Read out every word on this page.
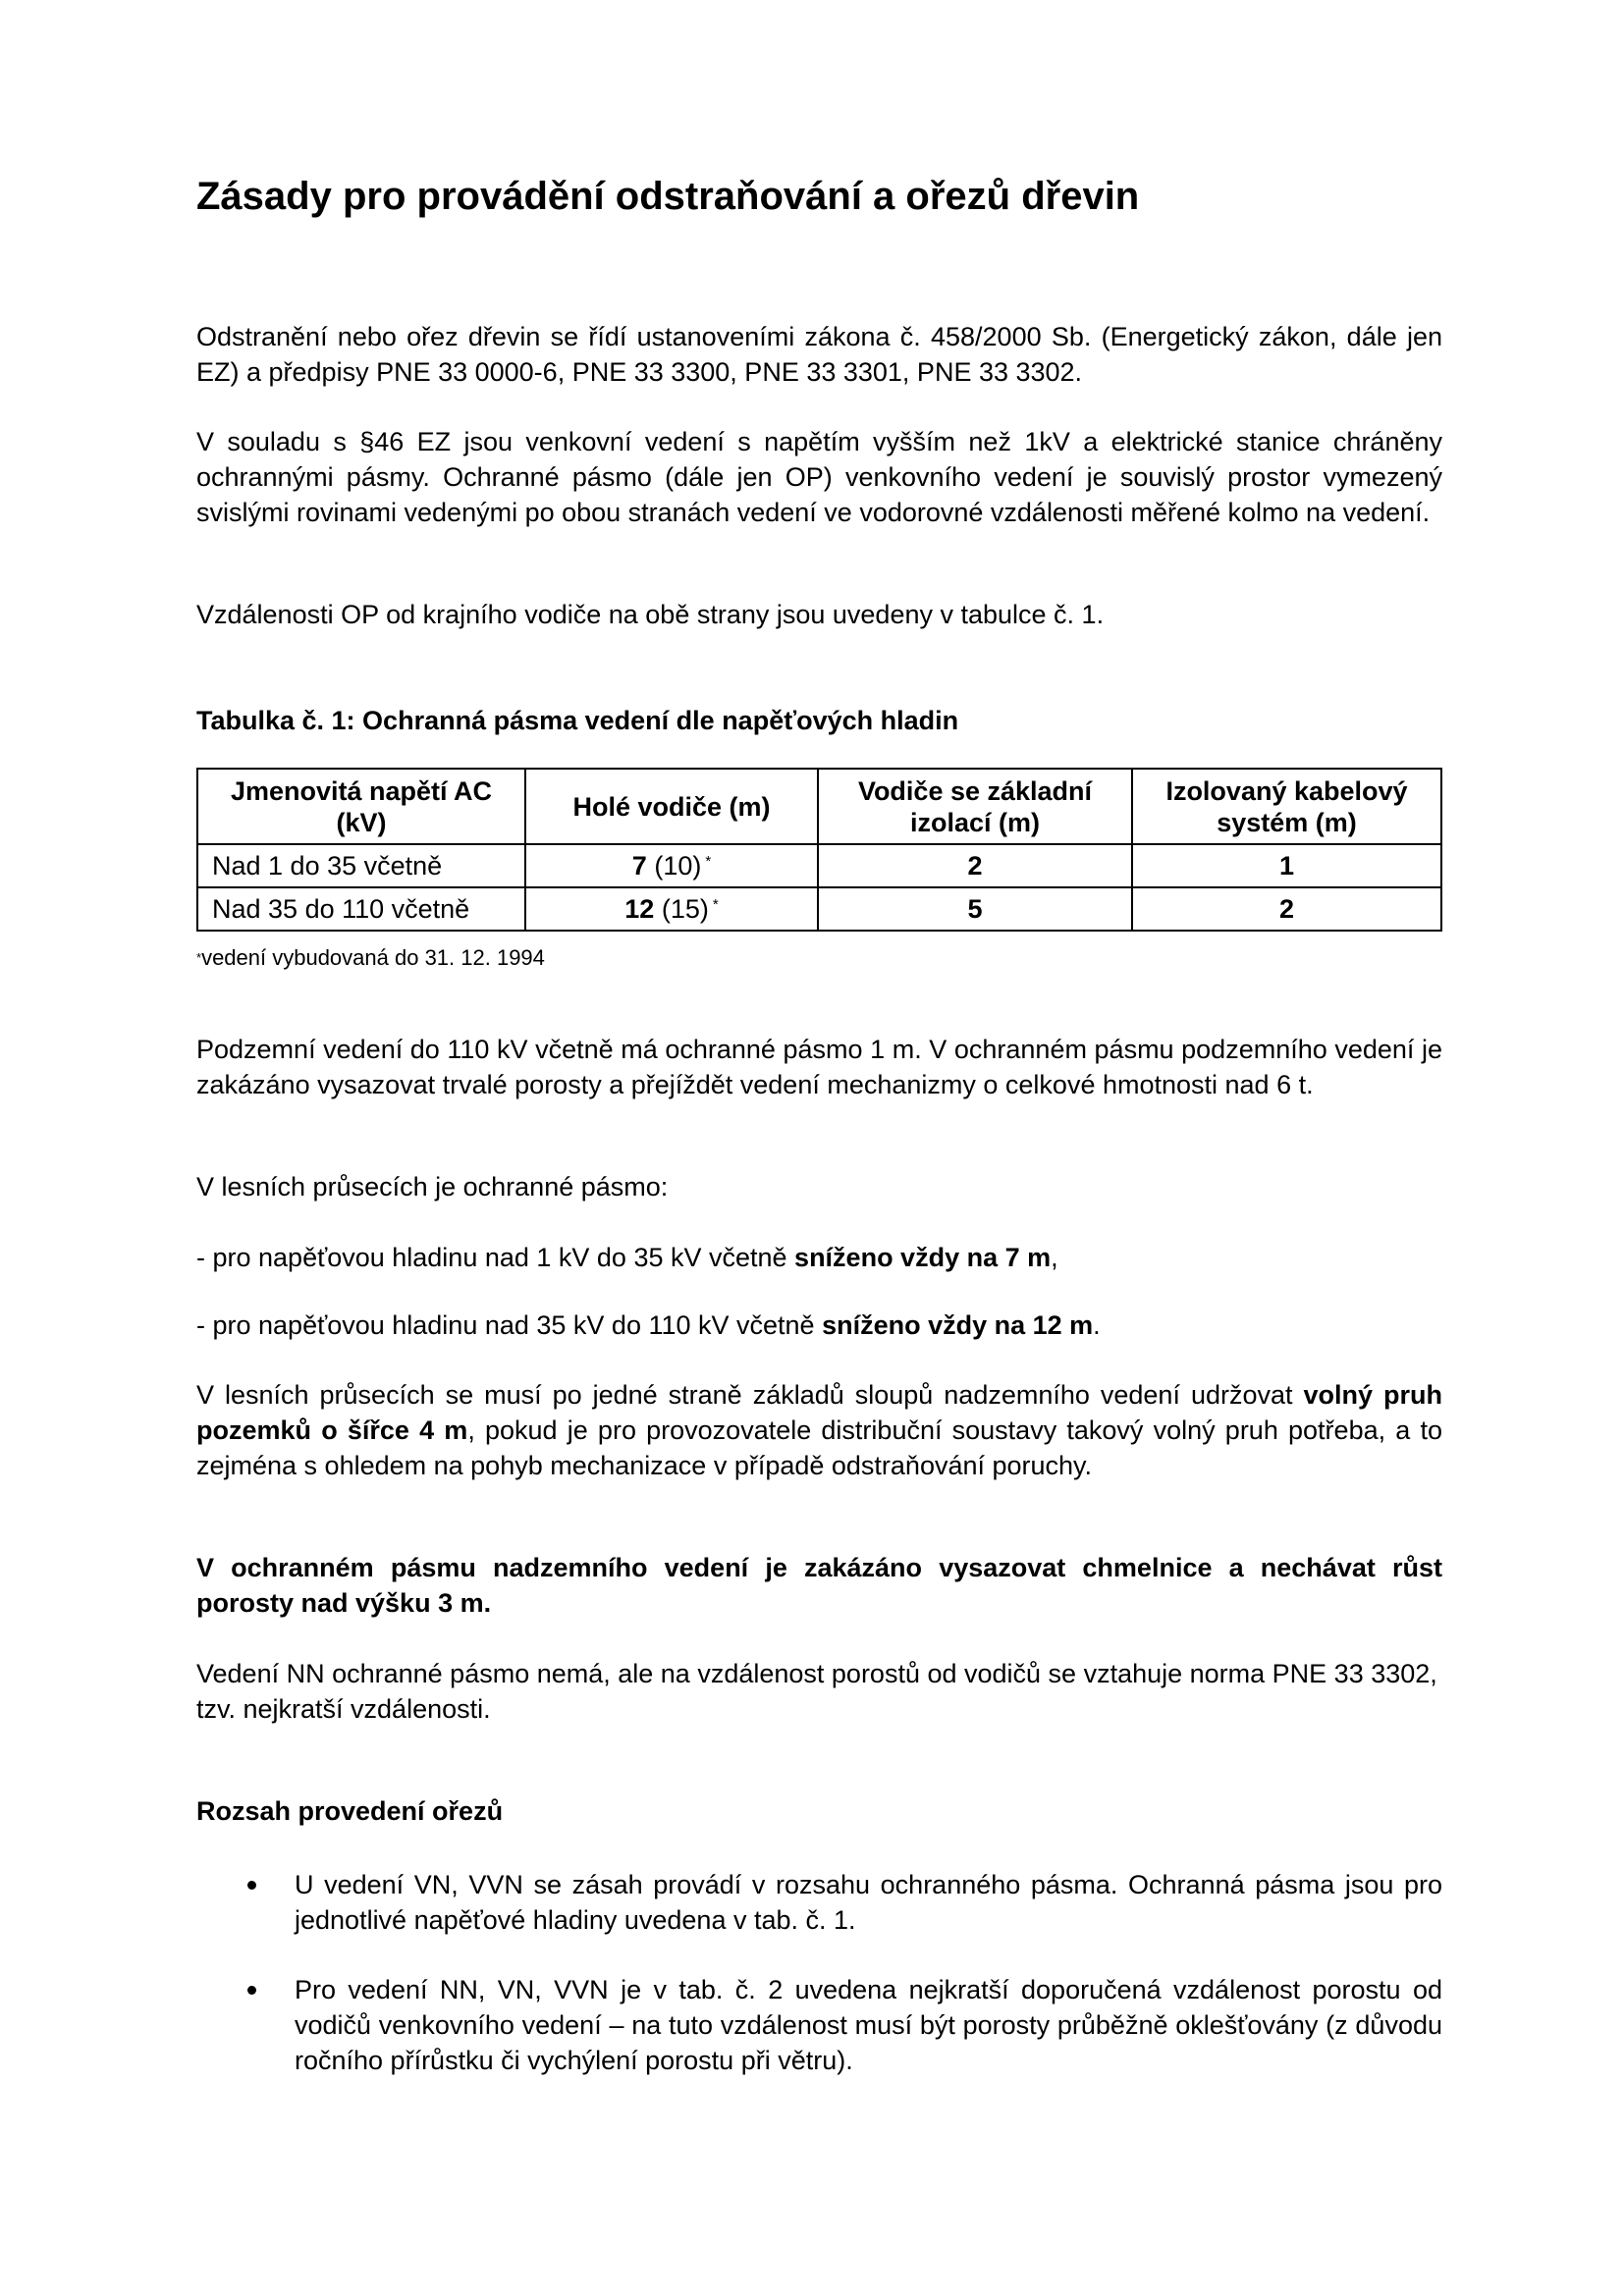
Zásady pro provádění odstraňování a ořezů dřevin

Odstranění nebo ořez dřevin se řídí ustanoveními zákona č. 458/2000 Sb. (Energetický zákon, dále jen EZ) a předpisy PNE 33 0000-6, PNE 33 3300, PNE 33 3301, PNE 33 3302.

V souladu s §46 EZ jsou venkovní vedení s napětím vyšším než 1kV a elektrické stanice chráněny ochrannými pásmy. Ochranné pásmo (dále jen OP) venkovního vedení je souvislý prostor vymezený svislými rovinami vedenými po obou stranách vedení ve vodorovné vzdálenosti měřené kolmo na vedení.

Vzdálenosti OP od krajního vodiče na obě strany jsou uvedeny v tabulce č. 1.

Tabulka č. 1: Ochranná pásma vedení dle napěťových hladin

Jmenovitá napětí AC (kV)	Holé vodiče (m)	Vodiče se základní izolací (m)	Izolovaný kabelový systém (m)
Nad 1 do 35 včetně	7 (10) *	2	1
Nad 35 do 110 včetně	12 (15) *	5	2
*vedení vybudovaná do 31. 12. 1994

Podzemní vedení do 110 kV včetně má ochranné pásmo 1 m. V ochranném pásmu podzemního vedení je zakázáno vysazovat trvalé porosty a přejíždět vedení mechanizmy o celkové hmotnosti nad 6 t.

V lesních průsecích je ochranné pásmo:

- pro napěťovou hladinu nad 1 kV do 35 kV včetně sníženo vždy na 7 m,

- pro napěťovou hladinu nad 35 kV do 110 kV včetně sníženo vždy na 12 m.

V lesních průsecích se musí po jedné straně základů sloupů nadzemního vedení udržovat volný pruh pozemků o šířce 4 m, pokud je pro provozovatele distribuční soustavy takový volný pruh potřeba, a to zejména s ohledem na pohyb mechanizace v případě odstraňování poruchy.

V ochranném pásmu nadzemního vedení je zakázáno vysazovat chmelnice a nechávat růst porosty nad výšku 3 m.

Vedení NN ochranné pásmo nemá, ale na vzdálenost porostů od vodičů se vztahuje norma PNE 33 3302, tzv. nejkratší vzdálenosti.

Rozsah provedení ořezů

U vedení VN, VVN se zásah provádí v rozsahu ochranného pásma. Ochranná pásma jsou pro jednotlivé napěťové hladiny uvedena v tab. č. 1.
Pro vedení NN, VN, VVN je v tab. č. 2 uvedena nejkratší doporučená vzdálenost porostu od vodičů venkovního vedení – na tuto vzdálenost musí být porosty průběžně oklešťovány (z důvodu ročního přírůstku či vychýlení porostu při větru).
